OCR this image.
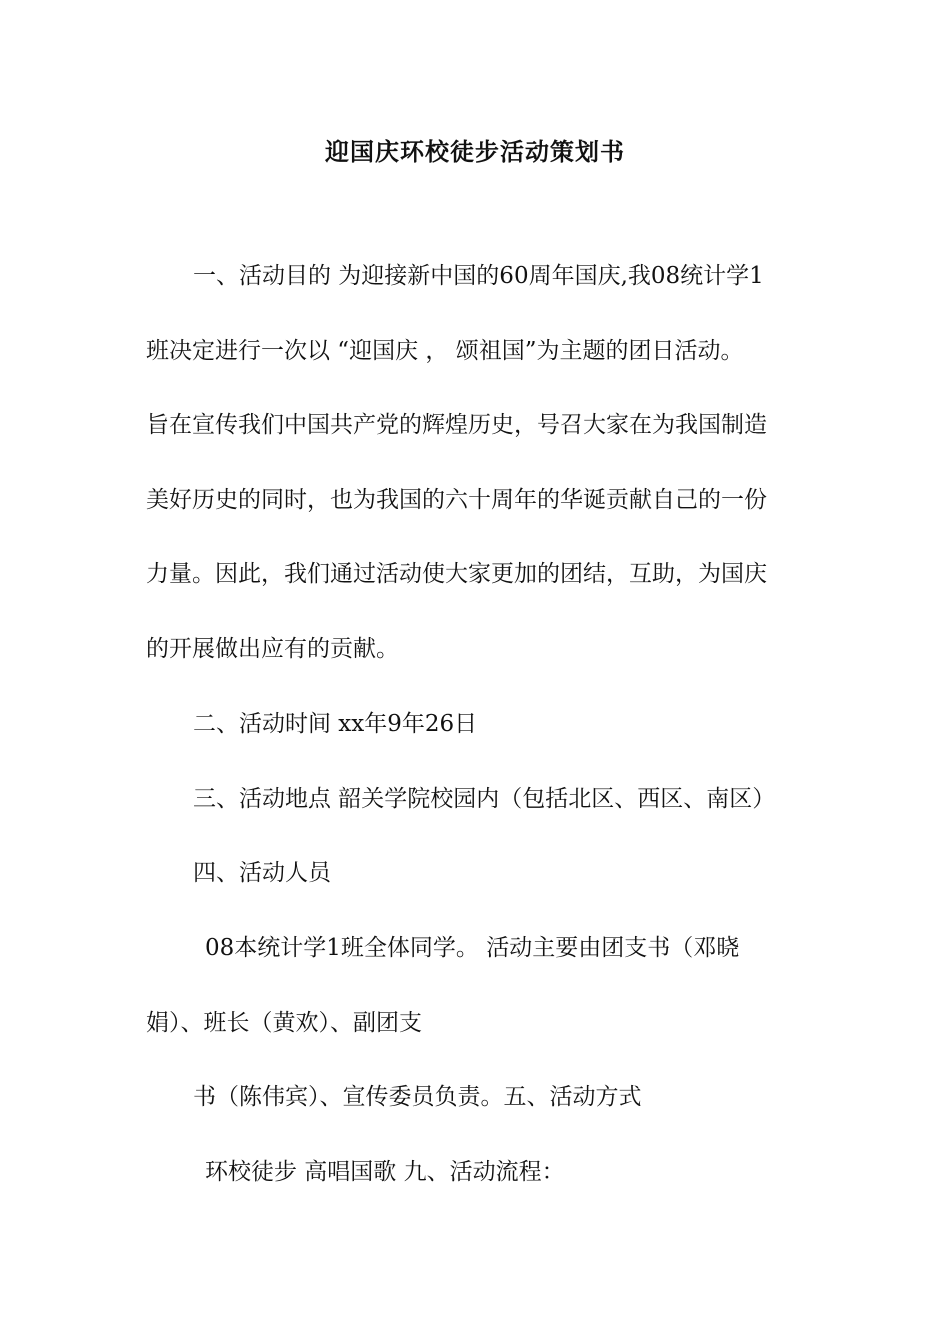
迎国庆环校徒步活动策划书
一、活动目的 为迎接新中国的60周年国庆,我08统计学1
班决定进行一次以 “迎国庆 ， 颂祖国”为主题的团日活动。
旨在宣传我们中国共产党的辉煌历史，号召大家在为我国制造
美好历史的同时，也为我国的六十周年的华诞贡献自己的一份
力量。因此，我们通过活动使大家更加的团结，互助，为国庆
的开展做出应有的贡献。
二、活动时间 xx年9年26日
三、活动地点 韶关学院校园内（包括北区、西区、南区）
四、活动人员
08本统计学1班全体同学。 活动主要由团支书（邓晓
娟）、班长（黄欢）、副团支
书（陈伟宾）、宣传委员负责。五、活动方式
环校徒步 高唱国歌 九、活动流程：
